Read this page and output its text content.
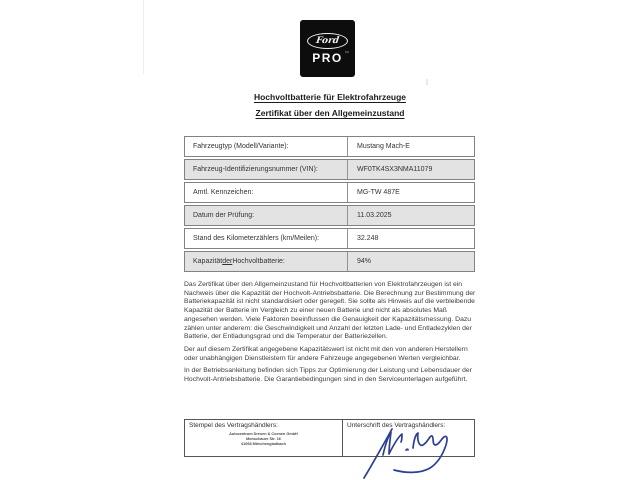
Ford
PRO ™
Hochvoltbatterie für Elektrofahrzeuge
Zertifikat über den Allgemeinzustand
Fahrzeugtyp (Modell/Variante):	Mustang Mach-E
Fahrzeug-Identifizierungsnummer (VIN):	WF0TK4SX3NMA11079
Amtl. Kennzeichen:	MG-TW 487E
Datum der Prüfung:	11.03.2025
Stand des Kilometerzählers (km/Meilen):	32.248
Kapazität der Hochvoltbatterie:	94%

Das Zertifikat über den Allgemeinzustand für Hochvoltbatterien von Elektrofahrzeugen ist ein Nachweis über die Kapazität der Hochvolt-Antriebsbatterie. Die Berechnung zur Bestimmung der Batteriekapazität ist nicht standardisiert oder geregelt. Sie sollte als Hinweis auf die verbleibende Kapazität der Batterie im Vergleich zu einer neuen Batterie und nicht als absolutes Maß angesehen werden. Viele Faktoren beeinflussen die Genauigkeit der Kapazitätsmessung. Dazu zählen unter anderem: die Geschwindigkeit und Anzahl der letzten Lade- und Entladezyklen der Batterie, der Entladungsgrad und die Temperatur der Batteriezellen.

Der auf diesem Zertifikat angegebene Kapazitätswert ist nicht mit den von anderen Herstellern oder unabhängigen Dienstleistern für andere Fahrzeuge angegebenen Werten vergleichbar.

In der Betriebsanleitung befinden sich Tipps zur Optimierung der Leistung und Lebensdauer der Hochvolt-Antriebsbatterie. Die Garantiebedingungen sind in den Serviceunterlagen aufgeführt.

Stempel des Vertragshändlers:
Autozentrum Dresen & Coenen GmbH
Monschauer Str. 16
41068 Mönchengladbach
Unterschrift des Vertragshändlers:
